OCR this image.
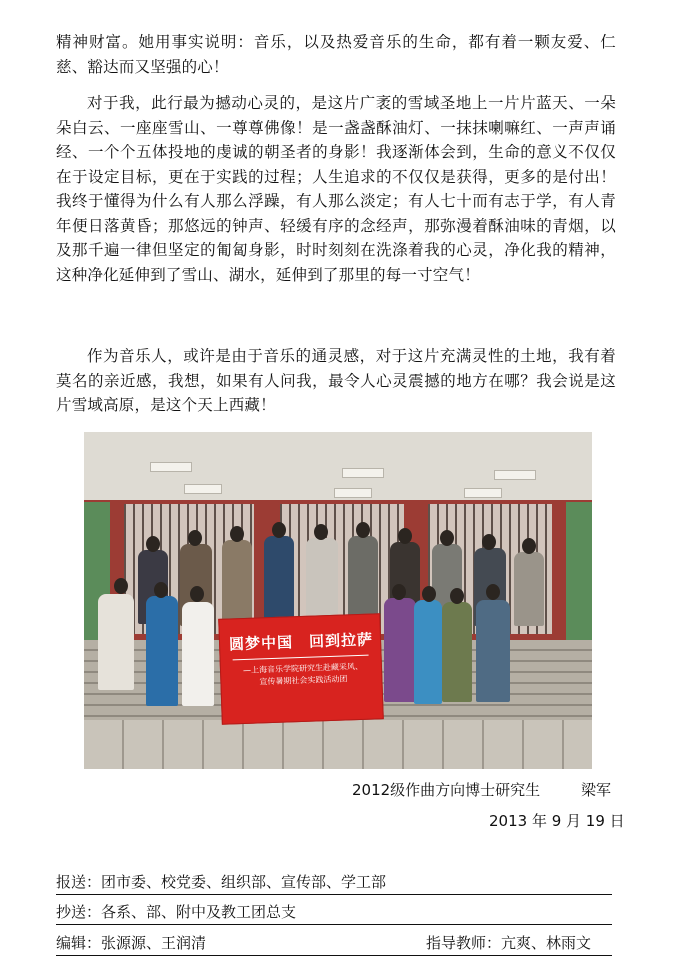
精神财富。她用事实说明：音乐，以及热爱音乐的生命，都有着一颗友爱、仁慈、豁达而又坚强的心！

对于我，此行最为撼动心灵的，是这片广袤的雪域圣地上一片片蓝天、一朵朵白云、一座座雪山、一尊尊佛像！是一盏盏酥油灯、一抹抹喇嘛红、一声声诵经、一个个五体投地的虔诚的朝圣者的身影！我逐渐体会到，生命的意义不仅仅在于设定目标，更在于实践的过程；人生追求的不仅仅是获得，更多的是付出！我终于懂得为什么有人那么浮躁，有人那么淡定；有人七十而有志于学，有人青年便日落黄昏；那悠远的钟声、轻缓有序的念经声，那弥漫着酥油味的青烟，以及那千遍一律但坚定的匍匐身影，时时刻刻在洗涤着我的心灵，净化我的精神，这种净化延伸到了雪山、湖水，延伸到了那里的每一寸空气！

作为音乐人，或许是由于音乐的通灵感，对于这片充满灵性的土地，我有着莫名的亲近感，我想，如果有人问我，最令人心灵震撼的地方在哪？我会说是这片雪域高原，是这个天上西藏！

圆梦中国　回到拉萨
—上海音乐学院研究生赴藏采风、
宣传暑期社会实践活动团
2012级作曲方向博士研究生	梁军
2013 年 9 月 19 日
报送：团市委、校党委、组织部、宣传部、学工部
抄送：各系、部、附中及教工团总支
编辑：张源源、王润清	指导教师：亢爽、林雨文
